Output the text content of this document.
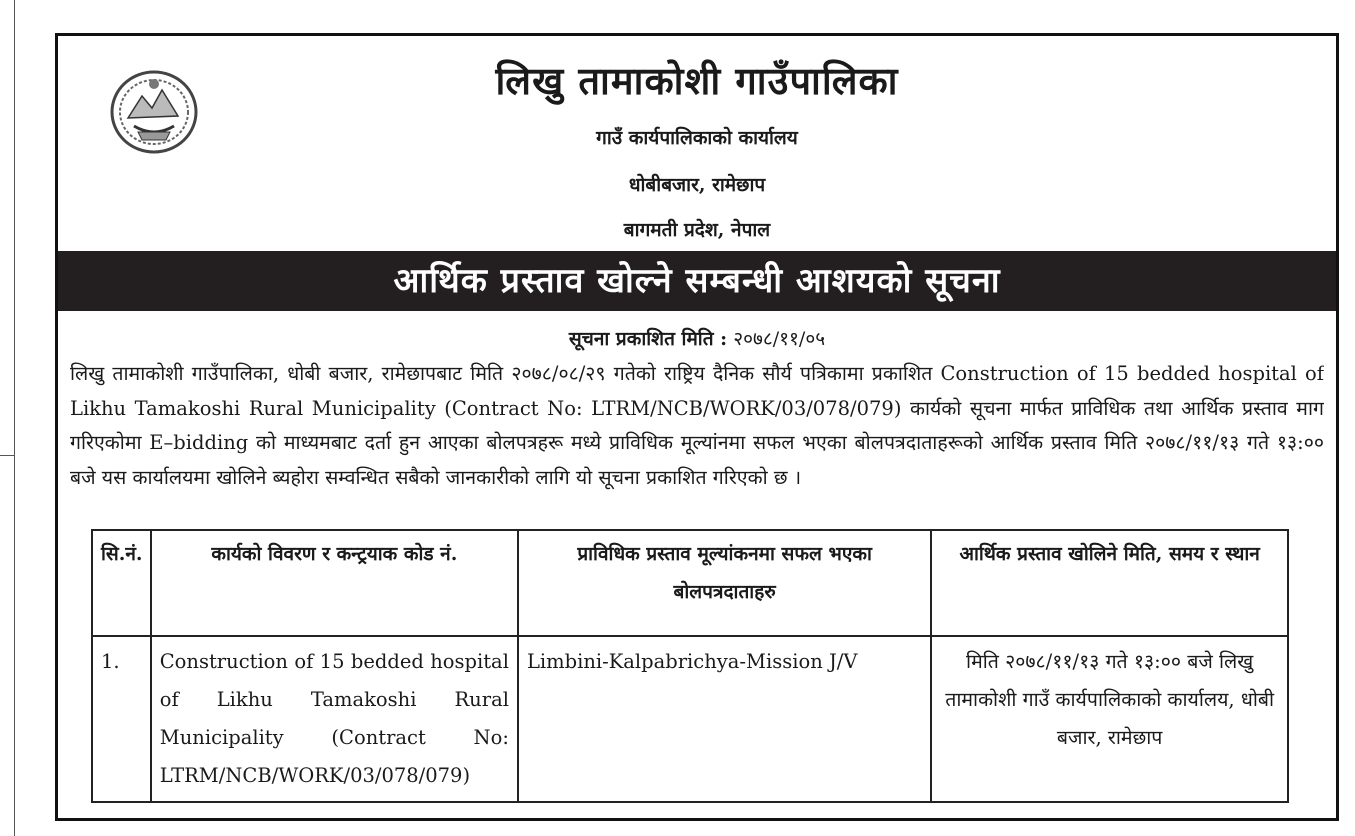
लिखु तामाकोशी गाउँपालिका
गाउँ कार्यपालिकाको कार्यालय
धोबीबजार, रामेछाप
बागमती प्रदेश, नेपाल
आर्थिक प्रस्ताव खोल्ने सम्बन्धी आशयको सूचना
सूचना प्रकाशित मिति : २०७८/११/०५
लिखु तामाकोशी गाउँपालिका, धोबी बजार, रामेछापबाट मिति २०७८/०८/२९ गतेको राष्ट्रिय दैनिक सौर्य पत्रिकामा प्रकाशित Construction of 15 bedded hospital of Likhu Tamakoshi Rural Municipality (Contract No: LTRM/NCB/WORK/03/078/079) कार्यको सूचना मार्फत प्राविधिक तथा आर्थिक प्रस्ताव माग गरिएकोमा E–bidding को माध्यमबाट दर्ता हुन आएका बोलपत्रहरू मध्ये प्राविधिक मूल्यांनमा सफल भएका बोलपत्रदाताहरूको आर्थिक प्रस्ताव मिति २०७८/११/१३ गते १३:०० बजे यस कार्यालयमा खोलिने ब्यहोरा सम्वन्धित सबैको जानकारीको लागि यो सूचना प्रकाशित गरिएको छ ।
सि.नं.	कार्यको विवरण र कन्ट्रयाक कोड नं.	प्राविधिक प्रस्ताव मूल्यांकनमा सफल भएका बोलपत्रदाताहरु	आर्थिक प्रस्ताव खोलिने मिति, समय र स्थान
1.	Construction of 15 bedded hospital of Likhu Tamakoshi Rural Municipality (Contract No: LTRM/NCB/WORK/03/078/079)	Limbini-Kalpabrichya-Mission J/V	मिति २०७८/११/१३ गते १३:०० बजे लिखु तामाकोशी गाउँ कार्यपालिकाको कार्यालय, धोबी बजार, रामेछाप
